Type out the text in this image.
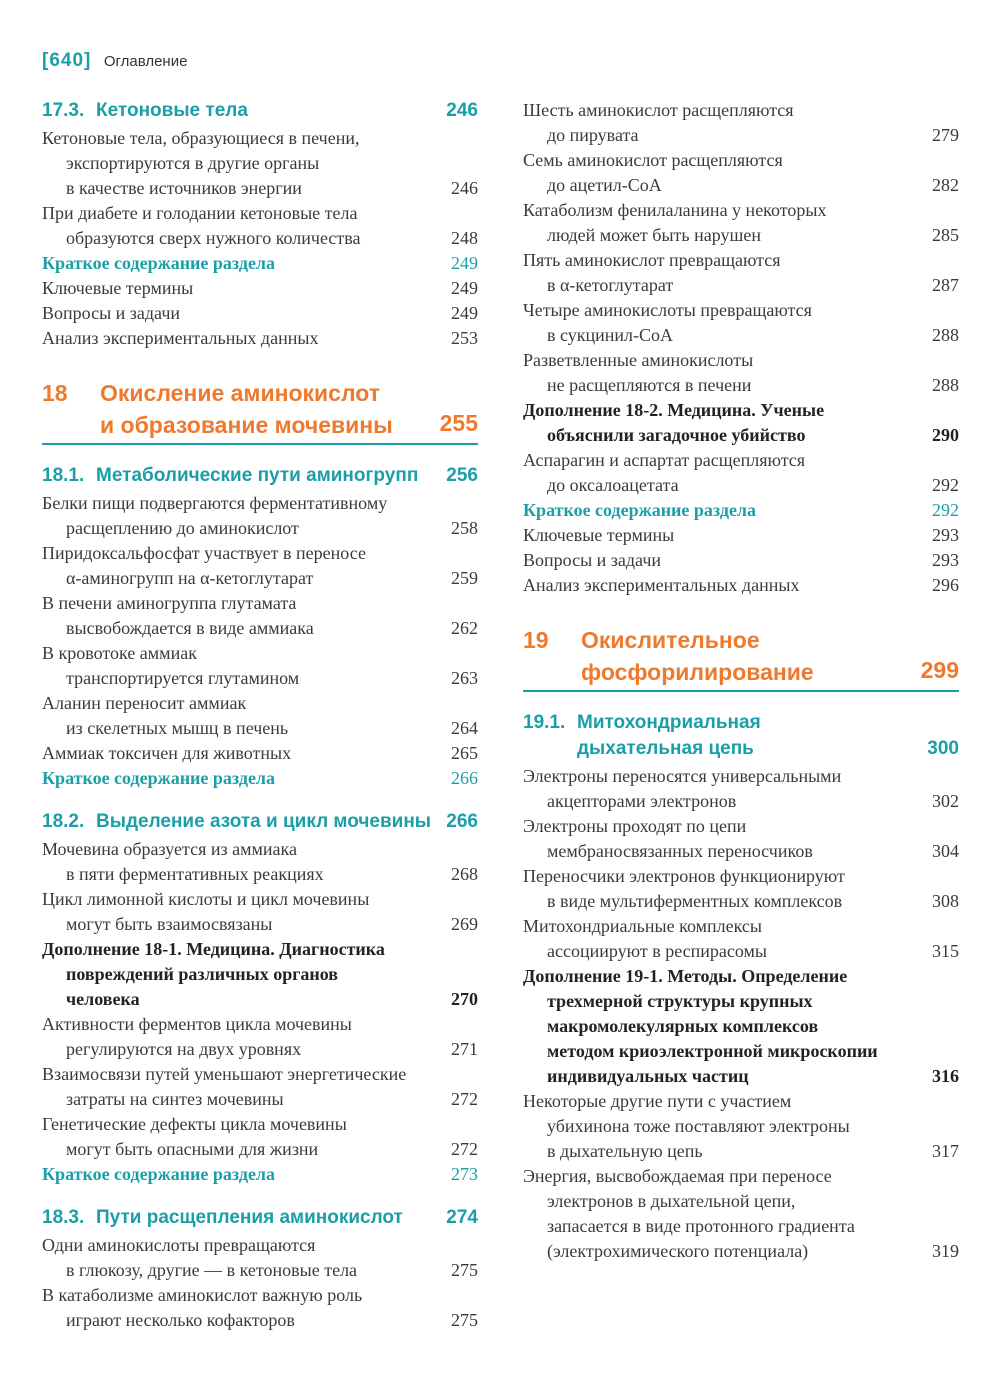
[640] Оглавление
17.3. Кетоновые тела	246
Кетоновые тела, образующиеся в печени,
экспортируются в другие органы
в качестве источников энергии	246
При диабете и голодании кетоновые тела
образуются сверх нужного количества	248
Краткое содержание раздела	249
Ключевые термины	249
Вопросы и задачи	249
Анализ экспериментальных данных	253
18 Окисление аминокислот
и образование мочевины	255
18.1. Метаболические пути аминогрупп	256
Белки пищи подвергаются ферментативному
расщеплению до аминокислот	258
Пиридоксальфосфат участвует в переносе
α-аминогрупп на α-кетоглутарат	259
В печени аминогруппа глутамата
высвобождается в виде аммиака	262
В кровотоке аммиак
транспортируется глутамином	263
Аланин переносит аммиак
из скелетных мышц в печень	264
Аммиак токсичен для животных	265
Краткое содержание раздела	266
18.2. Выделение азота и цикл мочевины 266
Мочевина образуется из аммиака
в пяти ферментативных реакциях	268
Цикл лимонной кислоты и цикл мочевины
могут быть взаимосвязаны	269
Дополнение 18-1. Медицина. Диагностика
повреждений различных органов
человека	270
Активности ферментов цикла мочевины
регулируются на двух уровнях	271
Взаимосвязи путей уменьшают энергетические
затраты на синтез мочевины	272
Генетические дефекты цикла мочевины
могут быть опасными для жизни	272
Краткое содержание раздела	273
18.3. Пути расщепления аминокислот	274
Одни аминокислоты превращаются
в глюкозу, другие — в кетоновые тела	275
В катаболизме аминокислот важную роль
играют несколько кофакторов	275
Шесть аминокислот расщепляются
до пирувата	279
Семь аминокислот расщепляются
до ацетил-СоА	282
Катаболизм фенилаланина у некоторых
людей может быть нарушен	285
Пять аминокислот превращаются
в α-кетоглутарат	287
Четыре аминокислоты превращаются
в сукцинил-СоА	288
Разветвленные аминокислоты
не расщепляются в печени	288
Дополнение 18-2. Медицина. Ученые
объяснили загадочное убийство	290
Аспарагин и аспартат расщепляются
до оксалоацетата	292
Краткое содержание раздела	292
Ключевые термины	293
Вопросы и задачи	293
Анализ экспериментальных данных	296
19 Окислительное
фосфорилирование	299
19.1. Митохондриальная
дыхательная цепь	300
Электроны переносятся универсальными
акцепторами электронов	302
Электроны проходят по цепи
мембраносвязанных переносчиков	304
Переносчики электронов функционируют
в виде мультиферментных комплексов	308
Митохондриальные комплексы
ассоциируют в респирасомы	315
Дополнение 19-1. Методы. Определение
трехмерной структуры крупных
макромолекулярных комплексов
методом криоэлектронной микроскопии
индивидуальных частиц	316
Некоторые другие пути с участием
убихинона тоже поставляют электроны
в дыхательную цепь	317
Энергия, высвобождаемая при переносе
электронов в дыхательной цепи,
запасается в виде протонного градиента
(электрохимического потенциала)	319
